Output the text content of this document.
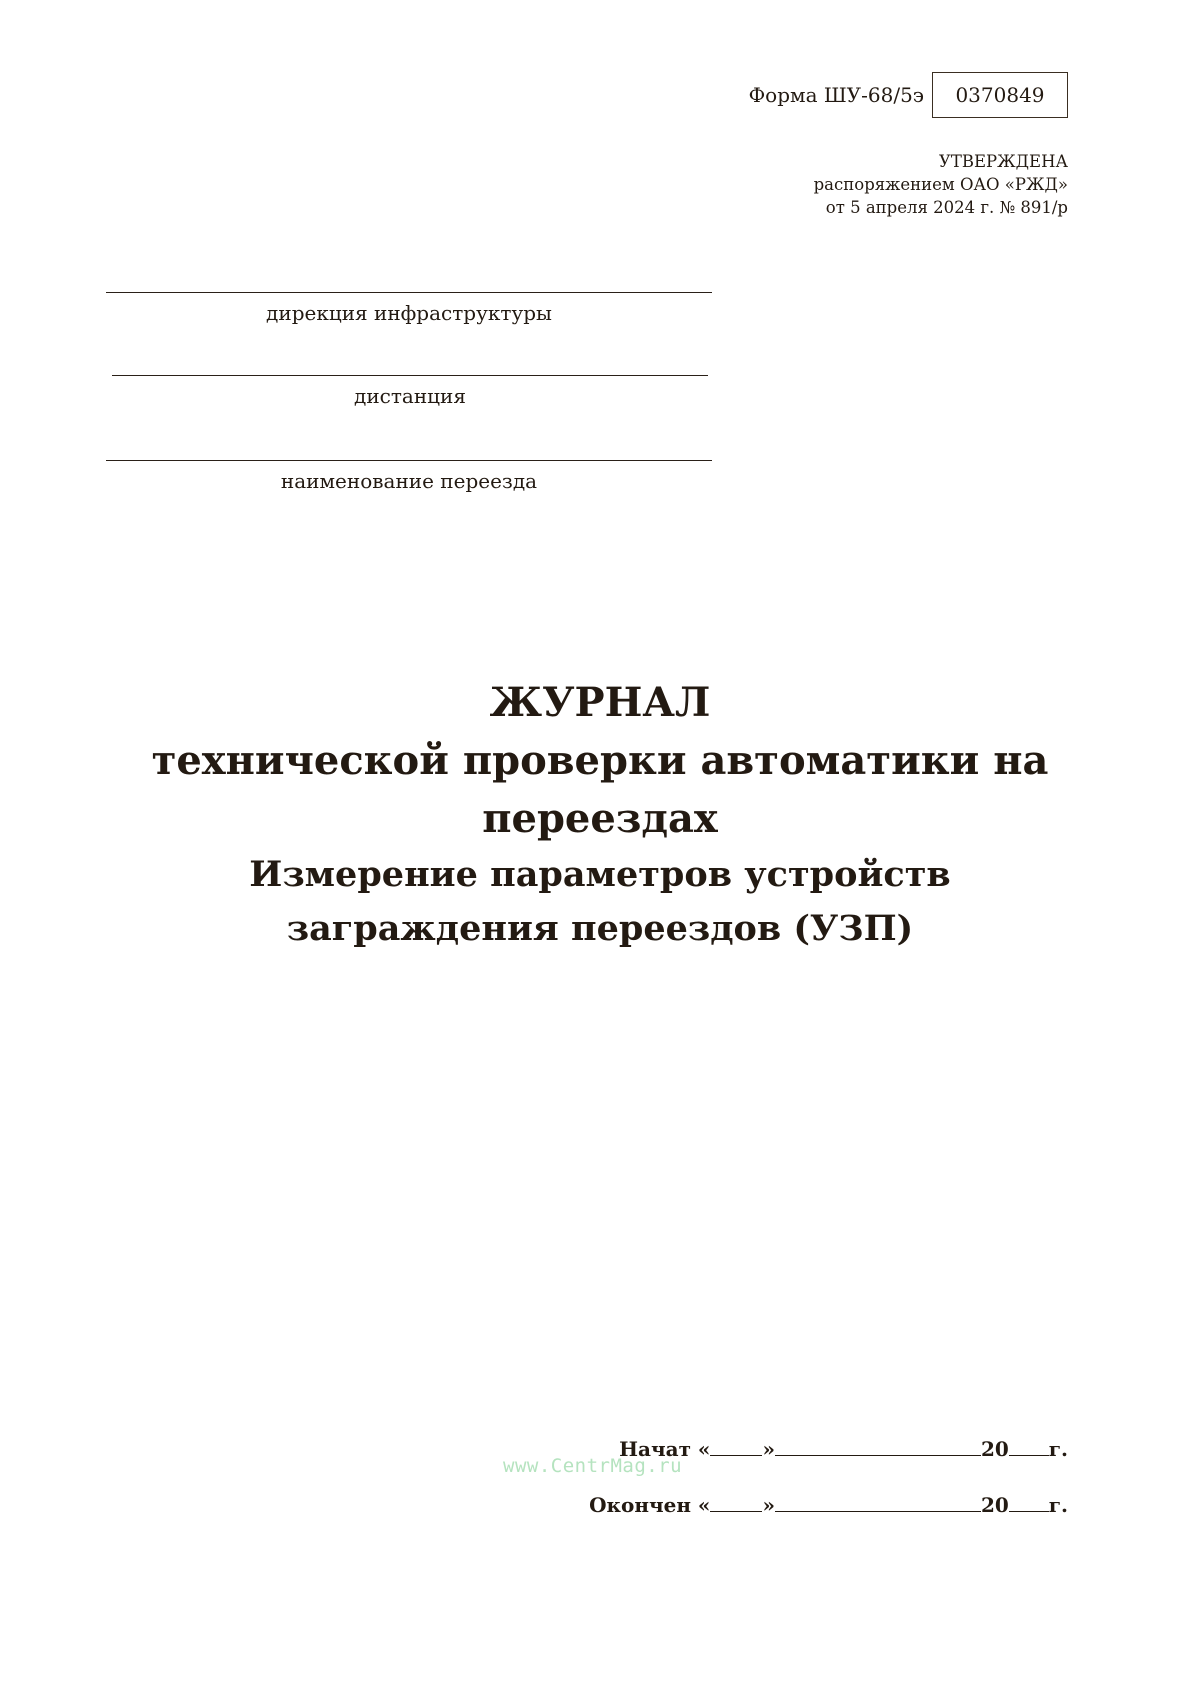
Форма ШУ-68/5э 0370849
УТВЕРЖДЕНА
распоряжением ОАО «РЖД»
от 5 апреля 2024 г. № 891/р
дирекция инфраструктуры
дистанция
наименование переезда
ЖУРНАЛ
технической проверки автоматики на
переездах
Измерение параметров устройств
заграждения переездов (УЗП)
www.CentrMag.ru
Начат «	»	20 г.
Окончен «	»	20 г.
